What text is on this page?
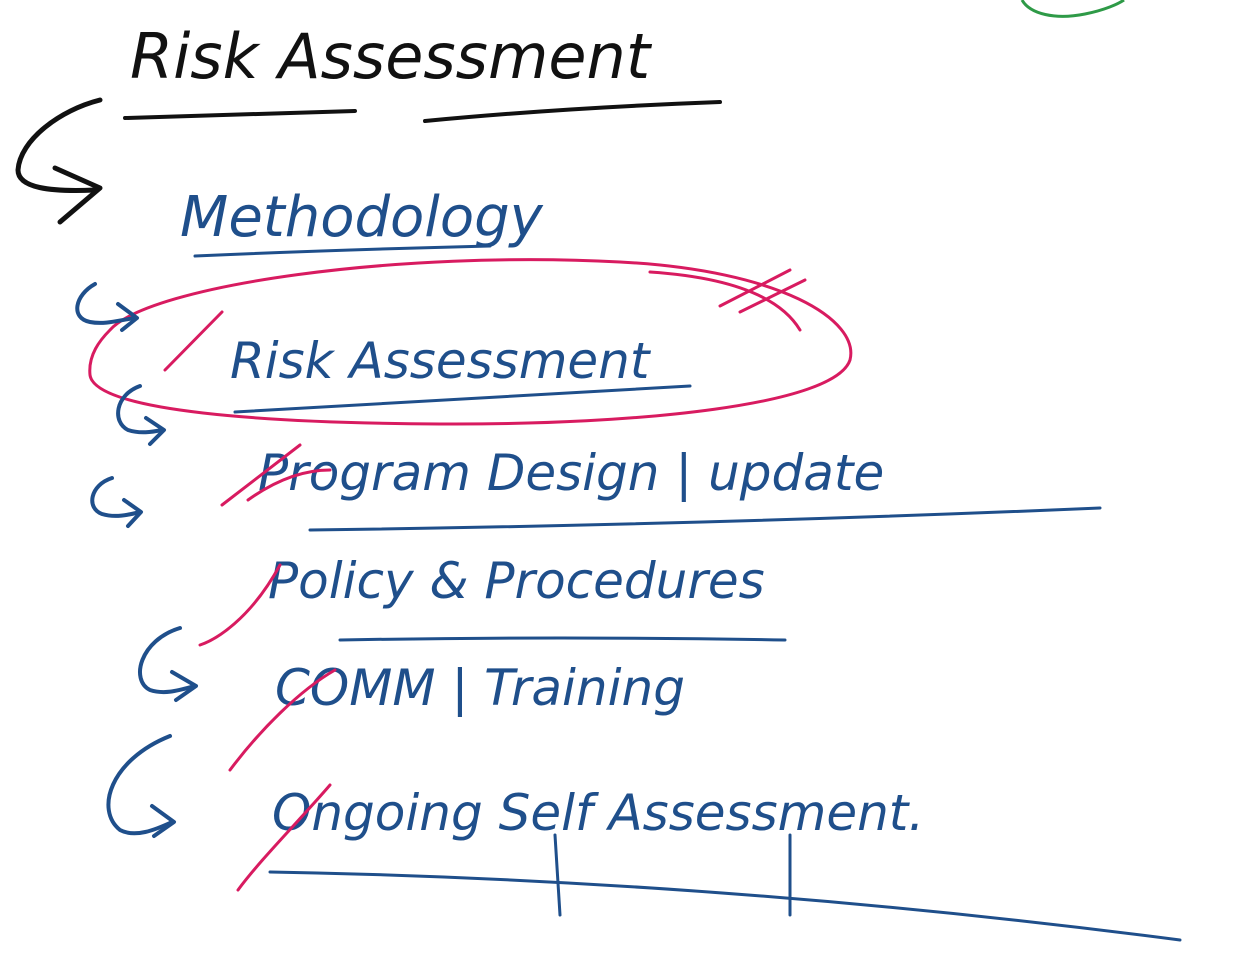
Risk Assessment
Methodology
Risk Assessment
Program Design | update
Policy & Procedures
COMM | Training
Ongoing Self Assessment.
